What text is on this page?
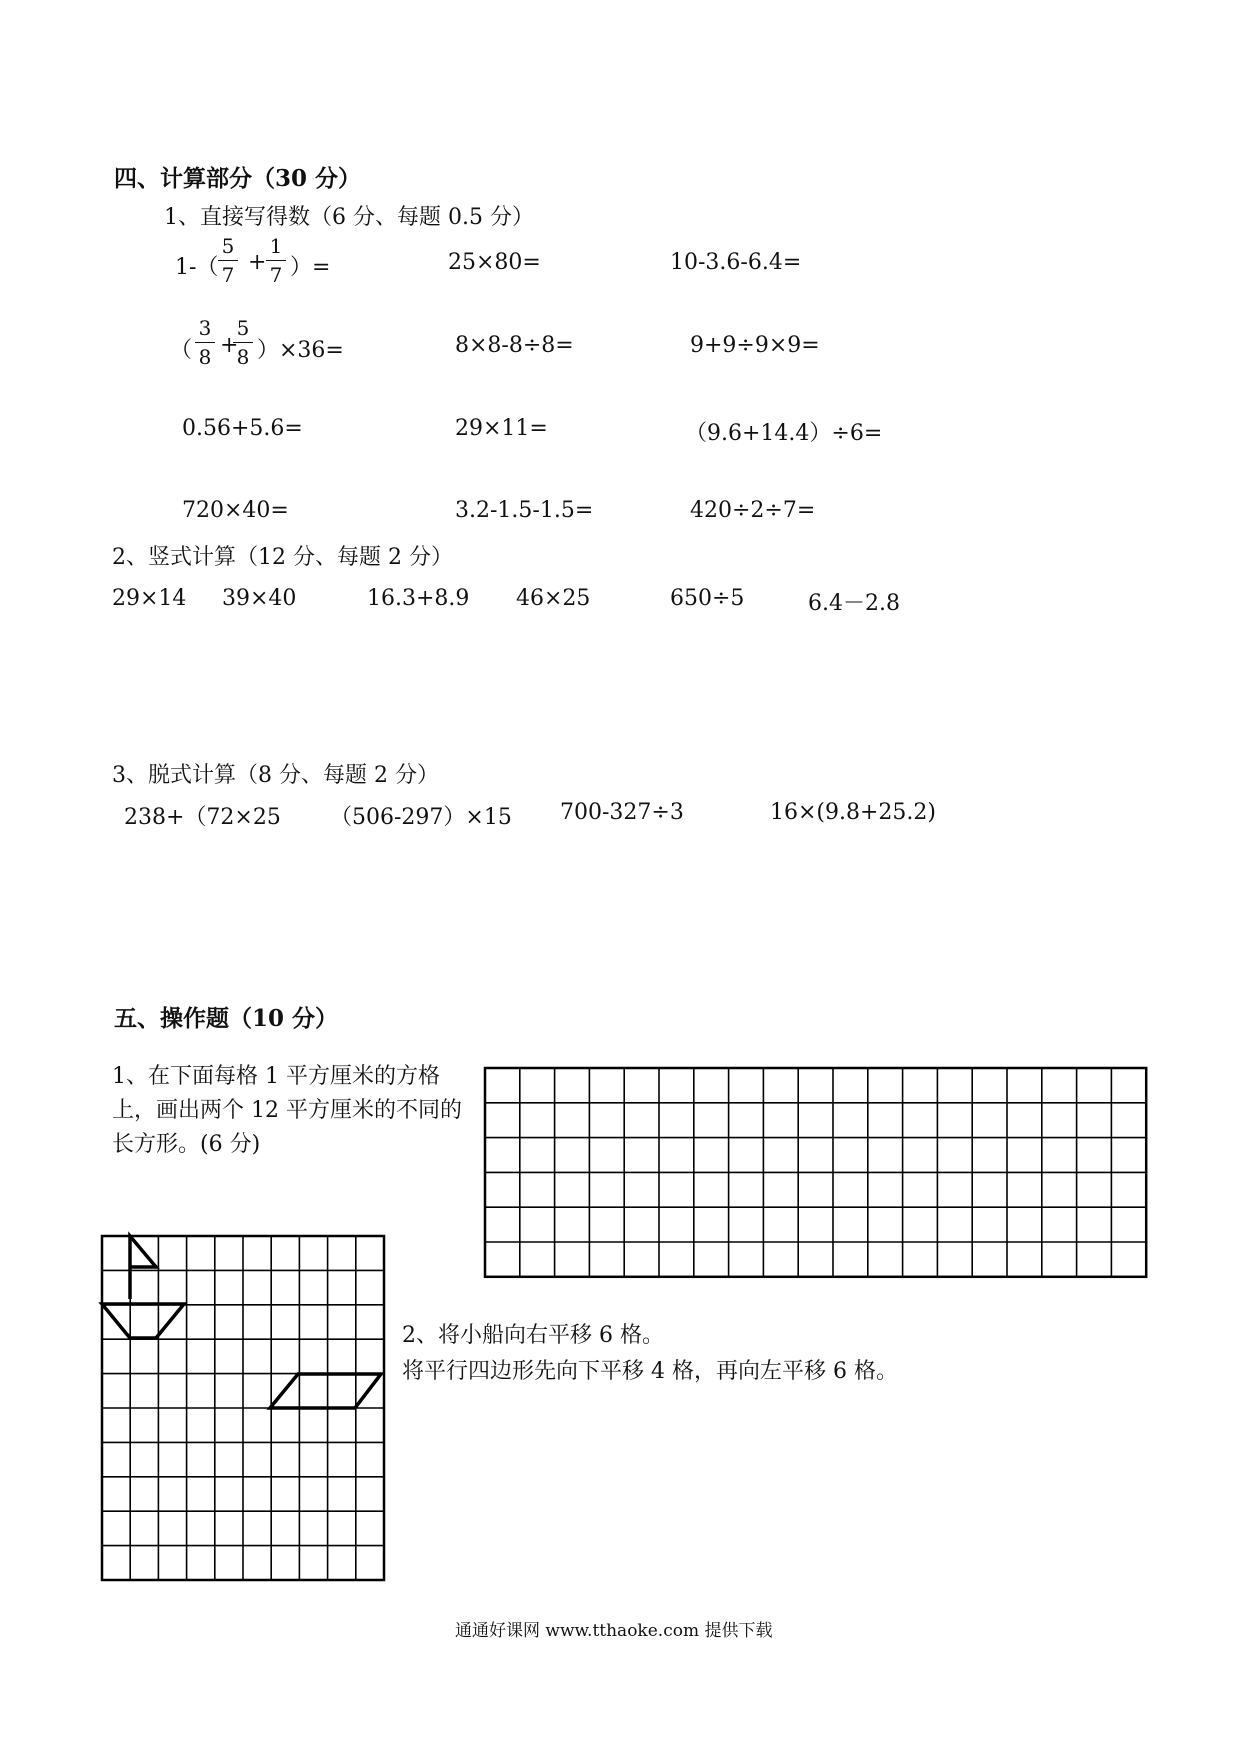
四、计算部分（30 分）
1、直接写得数（6 分、每题 0.5 分）
1-（
5
7 +
1
7 ）=	25×80=	10-3.6-6.4=
（
3
8 +
5
8 ）×36=	8×8-8÷8=	9+9÷9×9=
0.56+5.6=	29×11=	（9.6+14.4）÷6=
720×40=	3.2-1.5-1.5=	420÷2÷7=
2、竖式计算（12 分、每题 2 分）
29×14 39×40	16.3+8.9 46×25	650÷5	6.4－2.8
3、脱式计算（8 分、每题 2 分）
238+（72×25 （506-297）×15 700-327÷3	16×(9.8+25.2)
五、操作题（10 分）
1、在下面每格 1 平方厘米的方格上，画出两个 12 平方厘米的不同的长方形。(6 分)
2、将小船向右平移 6 格。
将平行四边形先向下平移 4 格，再向左平移 6 格。
通通好课网 www.tthaoke.com 提供下载
